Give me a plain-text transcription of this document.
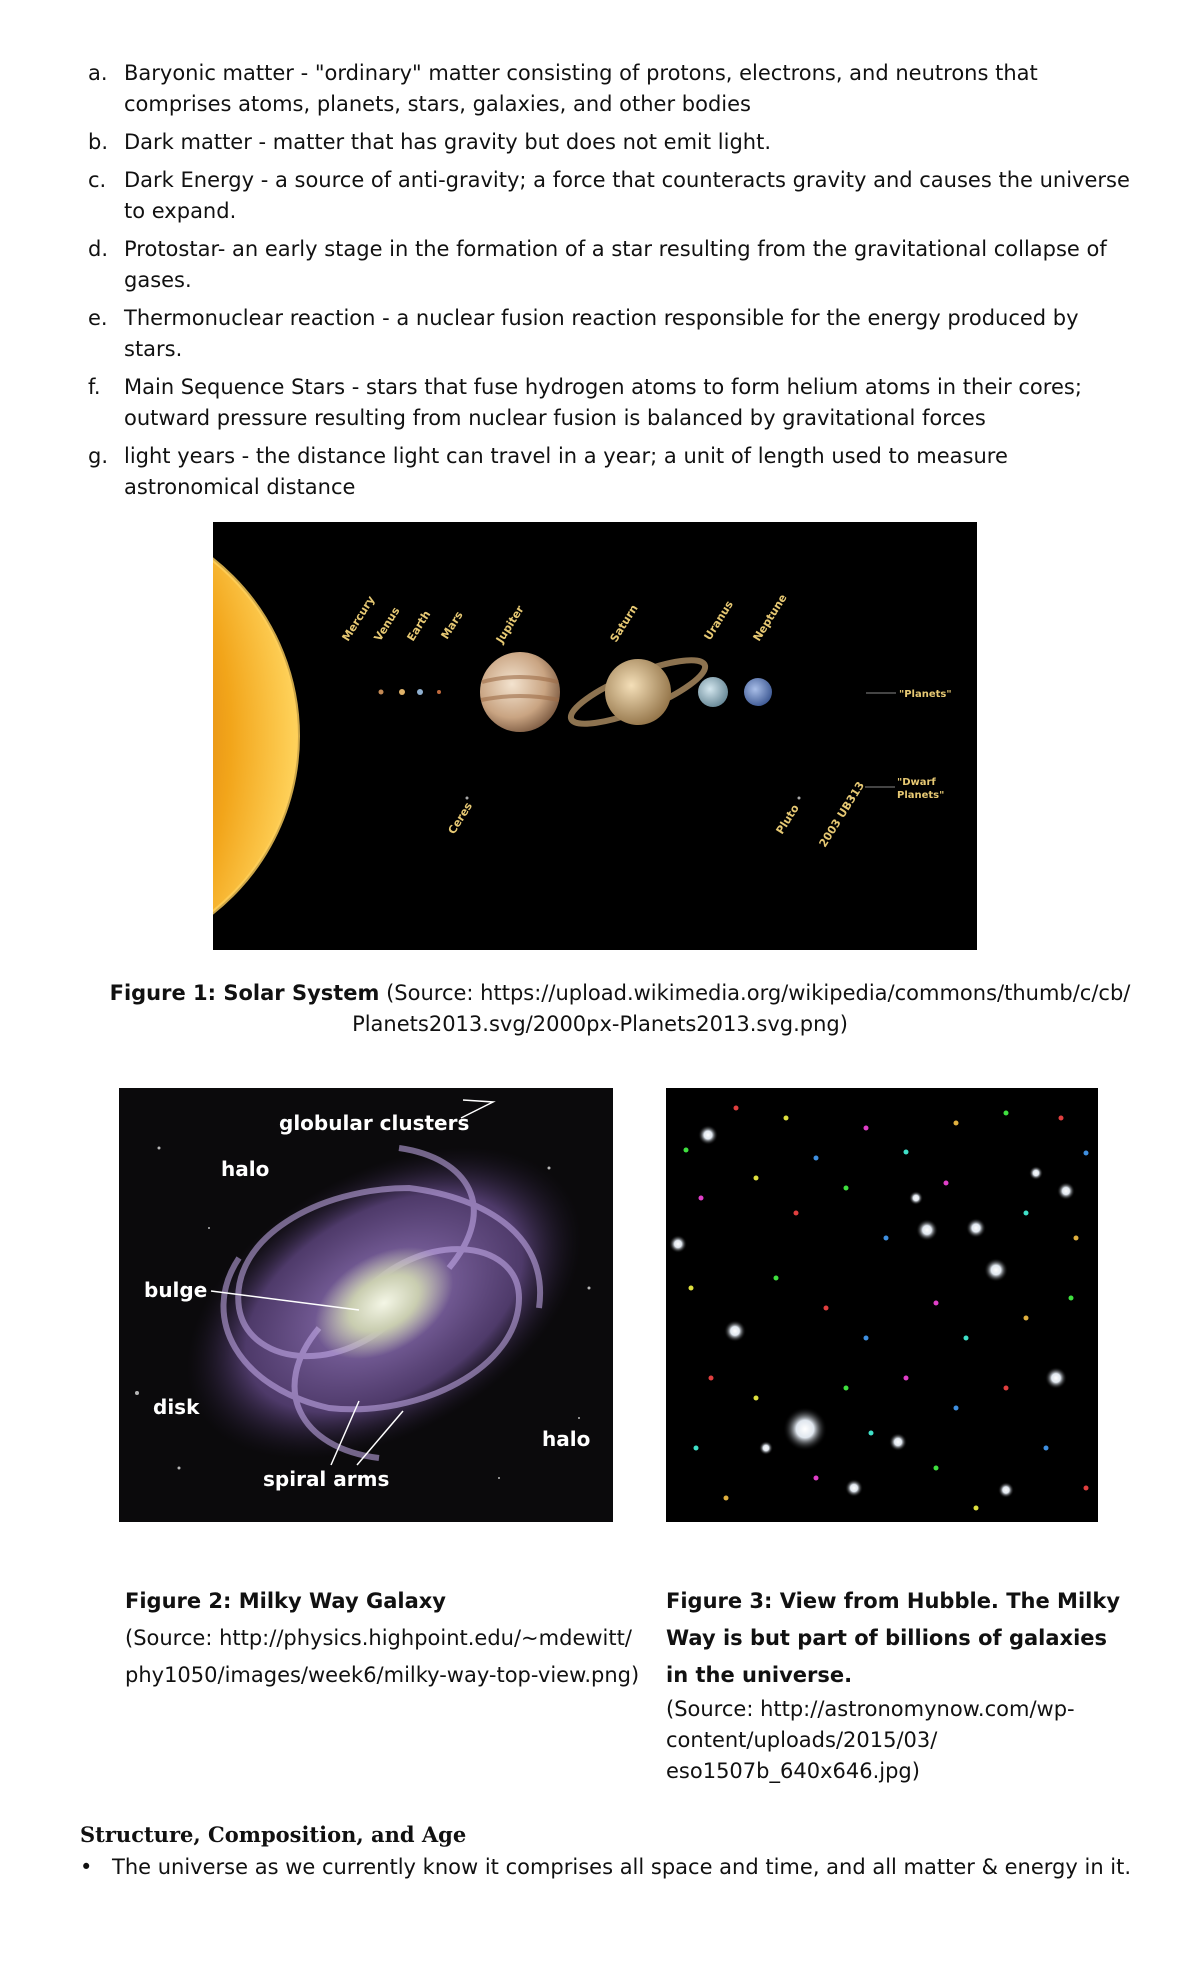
a. Baryonic matter - "ordinary" matter consisting of protons, electrons, and neutrons that comprises atoms, planets, stars, galaxies, and other bodies
b. Dark matter - matter that has gravity but does not emit light.
c. Dark Energy - a source of anti-gravity; a force that counteracts gravity and causes the universe to expand.
d. Protostar- an early stage in the formation of a star resulting from the gravitational collapse of gases.
e. Thermonuclear reaction - a nuclear fusion reaction responsible for the energy produced by stars.
f. Main Sequence Stars - stars that fuse hydrogen atoms to form helium atoms in their cores; outward pressure resulting from nuclear fusion is balanced by gravitational forces
g. light years - the distance light can travel in a year; a unit of length used to measure astronomical distance
"Planets"
"Dwarf
Planets"
Mercury
Venus Earth Mars	Jupiter	Saturn	Uranus Neptune
Ceres	Pluto 2003 UB313
Figure 1: Solar System (Source: https://upload.wikimedia.org/wikipedia/commons/thumb/c/cb/
Planets2013.svg/2000px-Planets2013.svg.png)
globular clusters
halo
bulge
disk
halo
spiral arms
Figure 2: Milky Way Galaxy
(Source: http://physics.highpoint.edu/~mdewitt/
phy1050/images/week6/milky-way-top-view.png)
Figure 3: View from Hubble. The Milky
Way is but part of billions of galaxies
in the universe.
(Source: http://astronomynow.com/wp-
content/uploads/2015/03/
eso1507b_640x646.jpg)
Structure, Composition, and Age
• The universe as we currently know it comprises all space and time, and all matter & energy in it.
